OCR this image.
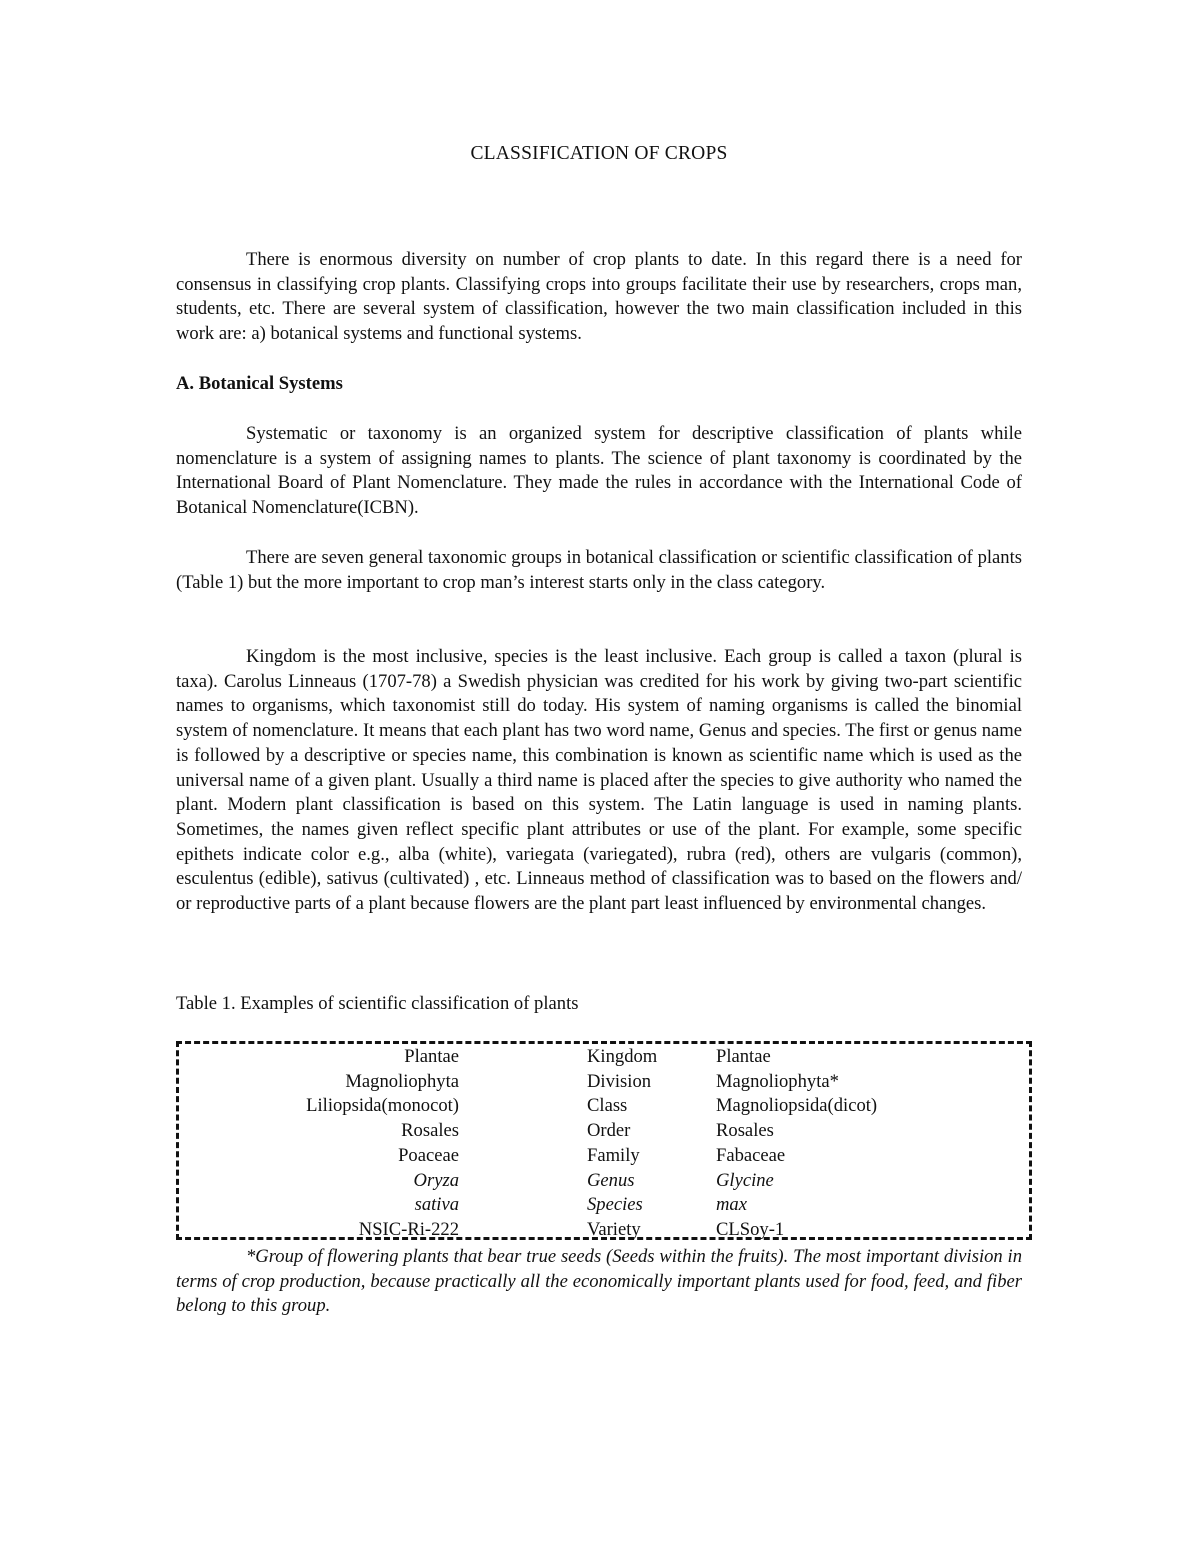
CLASSIFICATION OF CROPS

There is enormous diversity on number of crop plants to date. In this regard there is a need for consensus in classifying crop plants. Classifying crops into groups facilitate their use by researchers, crops man, students, etc. There are several system of classification, however the two main classification included in this work are: a) botanical systems and functional systems.

A. Botanical Systems

Systematic or taxonomy is an organized system for descriptive classification of plants while nomenclature is a system of assigning names to plants. The science of plant taxonomy is coordinated by the International Board of Plant Nomenclature. They made the rules in accordance with the International Code of Botanical Nomenclature(ICBN).

There are seven general taxonomic groups in botanical classification or scientific classification of plants (Table 1) but the more important to crop man’s interest starts only in the class category.

Kingdom is the most inclusive, species is the least inclusive. Each group is called a taxon (plural is taxa). Carolus Linneaus (1707-78) a Swedish physician was credited for his work by giving two-part scientific names to organisms, which taxonomist still do today. His system of naming organisms is called the binomial system of nomenclature. It means that each plant has two word name, Genus and species. The first or genus name is followed by a descriptive or species name, this combination is known as scientific name which is used as the universal name of a given plant. Usually a third name is placed after the species to give authority who named the plant. Modern plant classification is based on this system. The Latin language is used in naming plants. Sometimes, the names given reflect specific plant attributes or use of the plant. For example, some specific epithets indicate color e.g., alba (white), variegata (variegated), rubra (red), others are vulgaris (common), esculentus (edible), sativus (cultivated) , etc. Linneaus method of classification was to based on the flowers and/ or reproductive parts of a plant because flowers are the plant part least influenced by environmental changes.

Table 1. Examples of scientific classification of plants
Plantae	Kingdom	Plantae
Magnoliophyta	Division	Magnoliophyta*
Liliopsida(monocot)	Class	Magnoliopsida(dicot)
Rosales	Order	Rosales
Poaceae	Family	Fabaceae
Oryza	Genus	Glycine
sativa	Species	max
NSIC-Ri-222	Variety	CLSoy-1

*Group of flowering plants that bear true seeds (Seeds within the fruits). The most important division in terms of crop production, because practically all the economically important plants used for food, feed, and fiber belong to this group.
